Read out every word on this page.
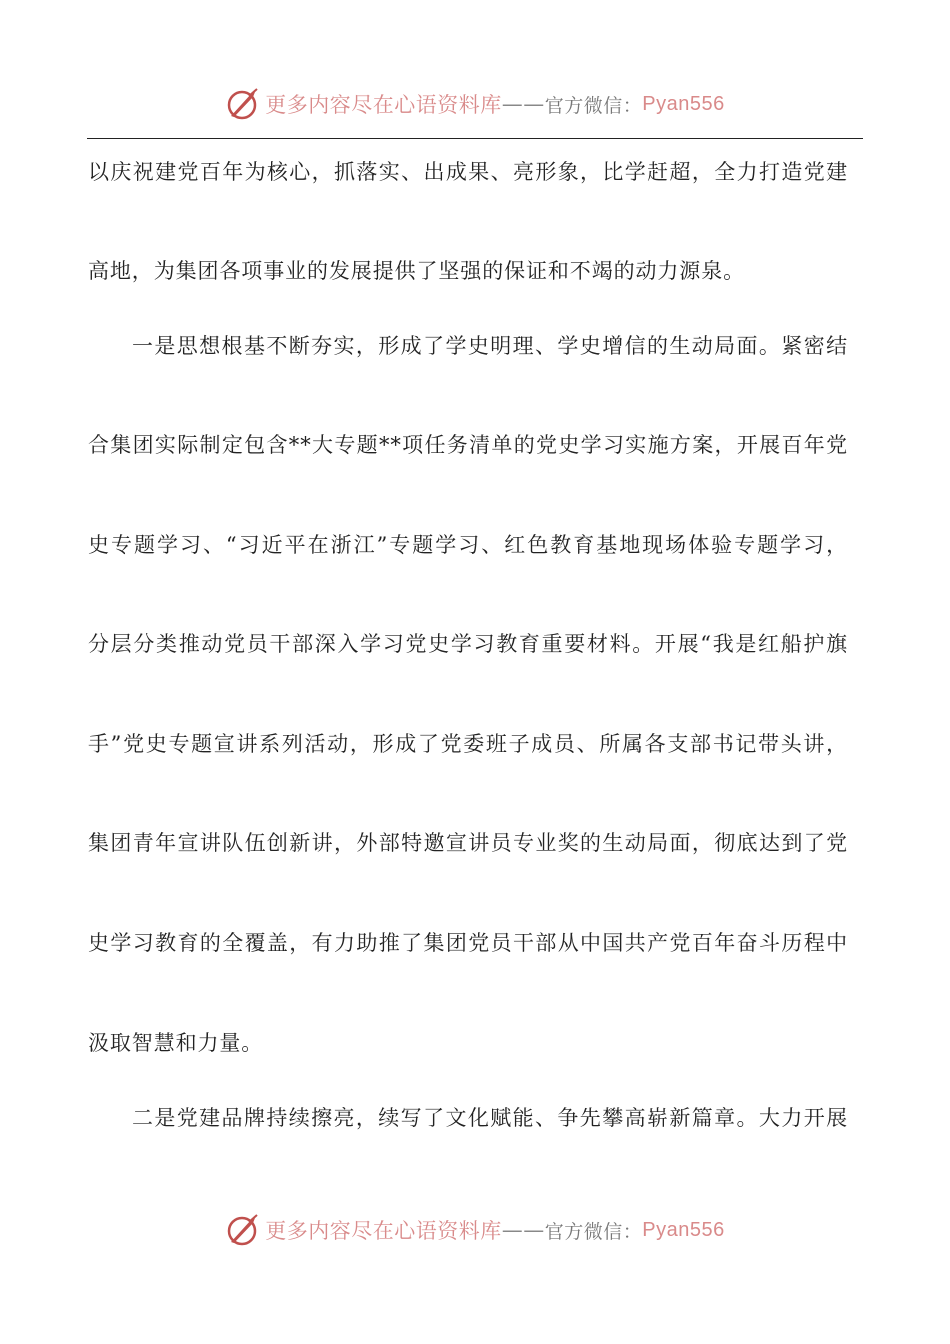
更多内容尽在心语资料库 —— 官方微信： Pyan556
以庆祝建党百年为核心，抓落实、出成果、亮形象，比学赶超，全力打造党建
高地，为集团各项事业的发展提供了坚强的保证和不竭的动力源泉。
一是思想根基不断夯实，形成了学史明理、学史增信的生动局面。紧密结
合集团实际制定包含**大专题**项任务清单的党史学习实施方案，开展百年党
史专题学习、“习近平在浙江”专题学习、红色教育基地现场体验专题学习，
分层分类推动党员干部深入学习党史学习教育重要材料。开展“我是红船护旗
手”党史专题宣讲系列活动，形成了党委班子成员、所属各支部书记带头讲，
集团青年宣讲队伍创新讲，外部特邀宣讲员专业奖的生动局面，彻底达到了党
史学习教育的全覆盖，有力助推了集团党员干部从中国共产党百年奋斗历程中
汲取智慧和力量。
二是党建品牌持续擦亮，续写了文化赋能、争先攀高崭新篇章。大力开展
更多内容尽在心语资料库 —— 官方微信： Pyan556
